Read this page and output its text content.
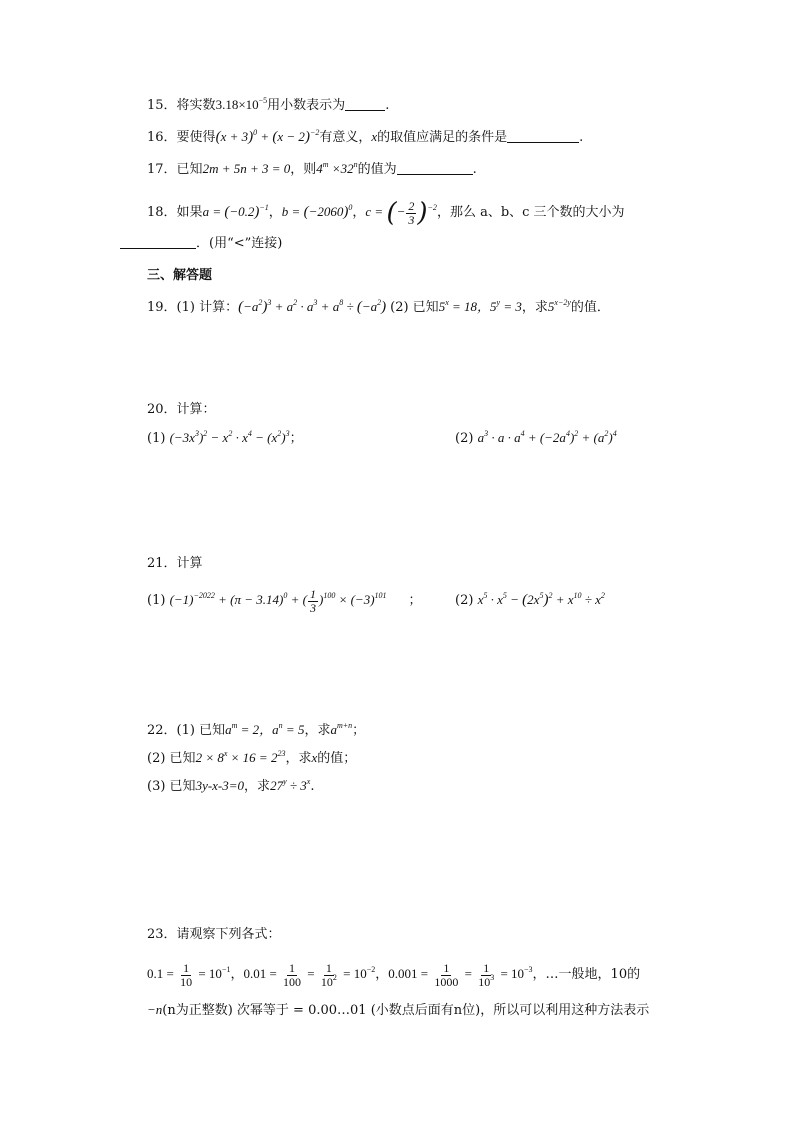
15．将实数$3.18\times 10^{-5}$用小数表示为	.
16．要使得$(x + 3)^0 + (x - 2)^{-2}$有意义，x的取值应满足的条件是	.
17．已知2m + 5n + 3 = 0，则$4^m \times 32^n$的值为	.
18．如果$a = (-0.2)^{-1}$，$b = (-2060)^0$，c = (− $\frac{2}{3} )^{-2}$，那么 a、b、c 三个数的大小为
．(用“<”连接)
三、解答题
19．(1) 计算：$(-a^2)^3 + a^2 \cdot a^3 + a^8 \div (-a^2)$ (2) 已知$5^x = 18$，$5^y = 3$，求$5^{x-2y}$的值．
20．计算：
(1) $(-3x^3)^2 - x^2 \cdot x^4 - (x^2)^3$；	(2) $a^3 \cdot a \cdot a^4 + (-2a^4)^2 + (a^2)^4$
21．计算
(1) $(-1)^{-2022} + (\pi - 3.14)^0$ + ( $\frac{1}{3} )^{100} \times (-3)^{101}$ ；	(2) $x^5 \cdot x^5 - (2x^5)^2 + x^{10} \div x^2$
22．(1) 已知$a^m = 2$，$a^n = 5$，求$a^{m+n}$；
(2) 已知$2 \times 8^x \times 16 = 2^{23}$，求x的值；
(3) 已知3y-x-3=0，求$27^y \div 3^x$.
23．请观察下列各式：
$0.1 = \frac{1}{10} = 10^{-1}$，$0.01 = \frac{1}{100} = \frac{1}{10^2} = 10^{-2}$，$0.001 = \frac{1}{1000} = \frac{1}{10^3} = 10^{-3}$，…一般地，10的
−n(n为正整数) 次幂等于 = 0.00…01 (小数点后面有n位)，所以可以利用这种方法表示
